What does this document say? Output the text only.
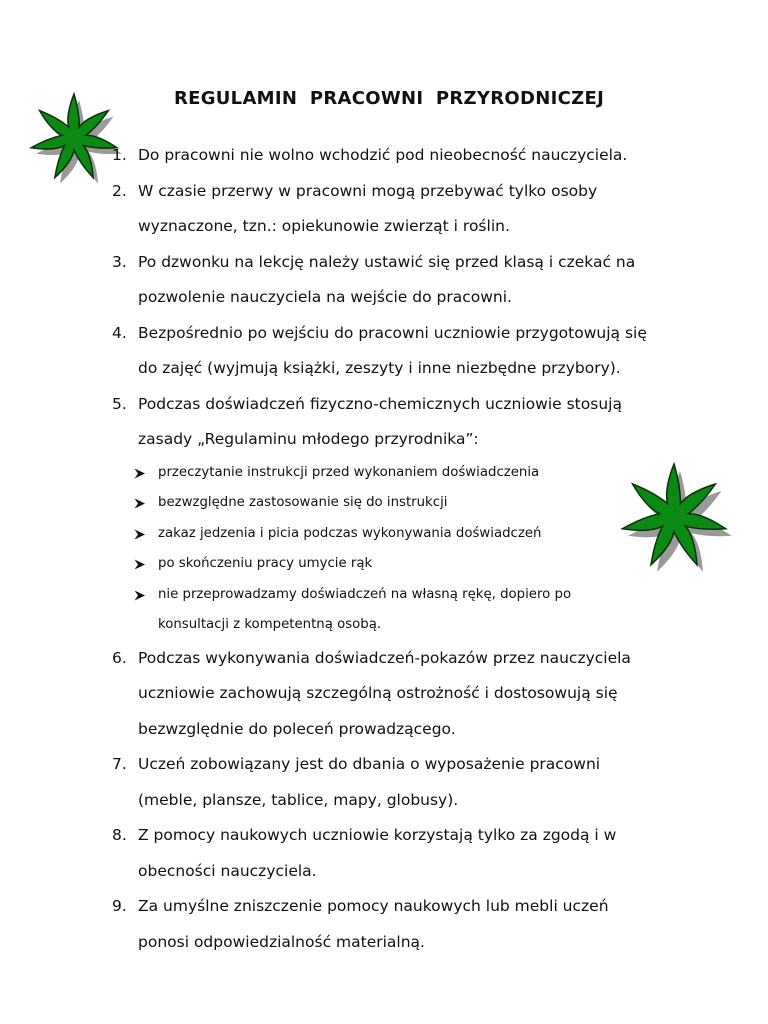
REGULAMIN PRACOWNI PRZYRODNICZEJ
1. Do pracowni nie wolno wchodzić pod nieobecność nauczyciela.
2. W czasie przerwy w pracowni mogą przebywać tylko osoby
wyznaczone, tzn.: opiekunowie zwierząt i roślin.
3. Po dzwonku na lekcję należy ustawić się przed klasą i czekać na
pozwolenie nauczyciela na wejście do pracowni.
4. Bezpośrednio po wejściu do pracowni uczniowie przygotowują się
do zajęć (wyjmują książki, zeszyty i inne niezbędne przybory).
5. Podczas doświadczeń fizyczno-chemicznych uczniowie stosują
zasady „Regulaminu młodego przyrodnika”:
przeczytanie instrukcji przed wykonaniem doświadczenia
bezwzględne zastosowanie się do instrukcji
zakaz jedzenia i picia podczas wykonywania doświadczeń
po skończeniu pracy umycie rąk
nie przeprowadzamy doświadczeń na własną rękę, dopiero po
konsultacji z kompetentną osobą.
6. Podczas wykonywania doświadczeń-pokazów przez nauczyciela
uczniowie zachowują szczególną ostrożność i dostosowują się
bezwzględnie do poleceń prowadzącego.
7. Uczeń zobowiązany jest do dbania o wyposażenie pracowni
(meble, plansze, tablice, mapy, globusy).
8. Z pomocy naukowych uczniowie korzystają tylko za zgodą i w
obecności nauczyciela.
9. Za umyślne zniszczenie pomocy naukowych lub mebli uczeń
ponosi odpowiedzialność materialną.
